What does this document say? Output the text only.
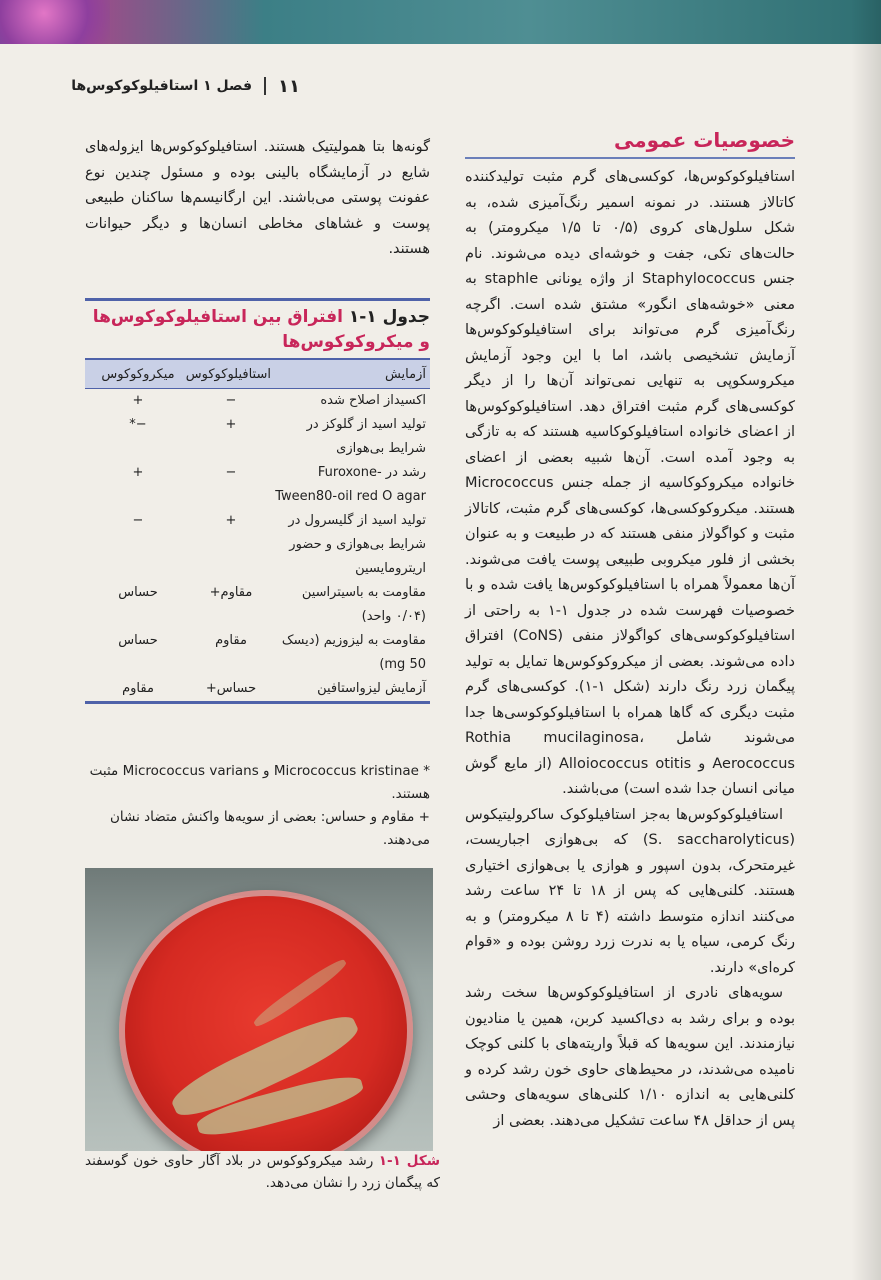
فصل ۱ استافیلوکوکوس‌ها ۱۱
خصوصیات عمومی

استافیلوکوکوس‌ها، کوکسی‌های گرم مثبت تولیدکننده کاتالاز هستند. در نمونه اسمیر رنگ‌آمیزی شده، به شکل سلول‌های کروی (۰/۵ تا ۱/۵ میکرومتر) به حالت‌های تکی، جفت و خوشه‌ای دیده می‌شوند. نام جنس Staphylococcus از واژه یونانی staphle به معنی «خوشه‌های انگور» مشتق شده است. اگرچه رنگ‌آمیزی گرم می‌تواند برای استافیلوکوکوس‌ها آزمایش تشخیصی باشد، اما با این وجود آزمایش میکروسکوپی به تنهایی نمی‌تواند آن‌ها را از دیگر کوکسی‌های گرم مثبت افتراق دهد. استافیلوکوکوس‌ها از اعضای خانواده استافیلوکوکاسیه هستند که به تازگی به وجود آمده است. آن‌ها شبیه بعضی از اعضای خانواده میکروکوکاسیه از جمله جنس Micrococcus هستند. میکروکوکسی‌ها، کوکسی‌های گرم مثبت، کاتالاز مثبت و کواگولاز منفی هستند که در طبیعت و به عنوان بخشی از فلور میکروبی طبیعی پوست یافت می‌شوند. آن‌ها معمولاً همراه با استافیلوکوکوس‌ها یافت شده و با خصوصیات فهرست شده در جدول ۱-۱ به راحتی از استافیلوکوکوسی‌های کواگولاز منفی (CoNS) افتراق داده می‌شوند. بعضی از میکروکوکوس‌ها تمایل به تولید پیگمان زرد رنگ دارند (شکل ۱-۱). کوکسی‌های گرم مثبت دیگری که گاها همراه با استافیلوکوکوسی‌ها جدا می‌شوند شامل Rothia mucilaginosa، Aerococcus و Alloiococcus otitis (از مایع گوش میانی انسان جدا شده است) می‌باشند.

استافیلوکوکوس‌ها به‌جز استافیلوکوک ساکرولیتیکوس (S. saccharolyticus) که بی‌هوازی اجباریست، غیرمتحرک، بدون اسپور و هوازی یا بی‌هوازی اختیاری هستند. کلنی‌هایی که پس از ۱۸ تا ۲۴ ساعت رشد می‌کنند اندازه متوسط داشته (۴ تا ۸ میکرومتر) و به رنگ کرمی، سیاه یا به ندرت زرد روشن بوده و «قوام کره‌ای» دارند.

سویه‌های نادری از استافیلوکوکوس‌ها سخت رشد بوده و برای رشد به دی‌اکسید کربن، همین یا منادیون نیازمندند. این سویه‌ها که قبلاً واریته‌های با کلنی کوچک نامیده می‌شدند، در محیط‌های حاوی خون رشد کرده و کلنی‌هایی به اندازه ۱/۱۰ کلنی‌های سویه‌های وحشی پس از حداقل ۴۸ ساعت تشکیل می‌دهند. بعضی از

گونه‌ها بتا همولیتیک هستند. استافیلوکوکوس‌ها ایزوله‌های شایع در آزمایشگاه بالینی بوده و مسئول چندین نوع عفونت پوستی می‌باشند. این ارگانیسم‌ها ساکنان طبیعی پوست و غشاهای مخاطی انسان‌ها و دیگر حیوانات هستند.

جدول ۱-۱ افتراق بین استافیلوکوکوس‌ها و میکروکوکوس‌ها
آزمایش
استافیلوکوکوس
میکروکوکوس
اکسیداز اصلاح شده
−
+
تولید اسید از گلوکز در شرایط بی‌هوازی
+
−*
رشد در Furoxone-Tween80-oil red O agar
−
+
تولید اسید از گلیسرول در شرایط بی‌هوازی و حضور اریترومایسین
+
−
مقاومت به باسیتراسین (۰/۰۴ واحد)
مقاوم+
حساس
مقاومت به لیزوزیم (دیسک 50 mg)
مقاوم
حساس
آزمایش لیزواستافین
حساس+
مقاوم

* Micrococcus kristinae و Micrococcus varians مثبت هستند.

+ مقاوم و حساس: بعضی از سویه‌ها واکنش متضاد نشان می‌دهند.

شکل ۱-۱ رشد میکروکوکوس در بلاد آگار حاوی خون گوسفند که پیگمان زرد را نشان می‌دهد.
